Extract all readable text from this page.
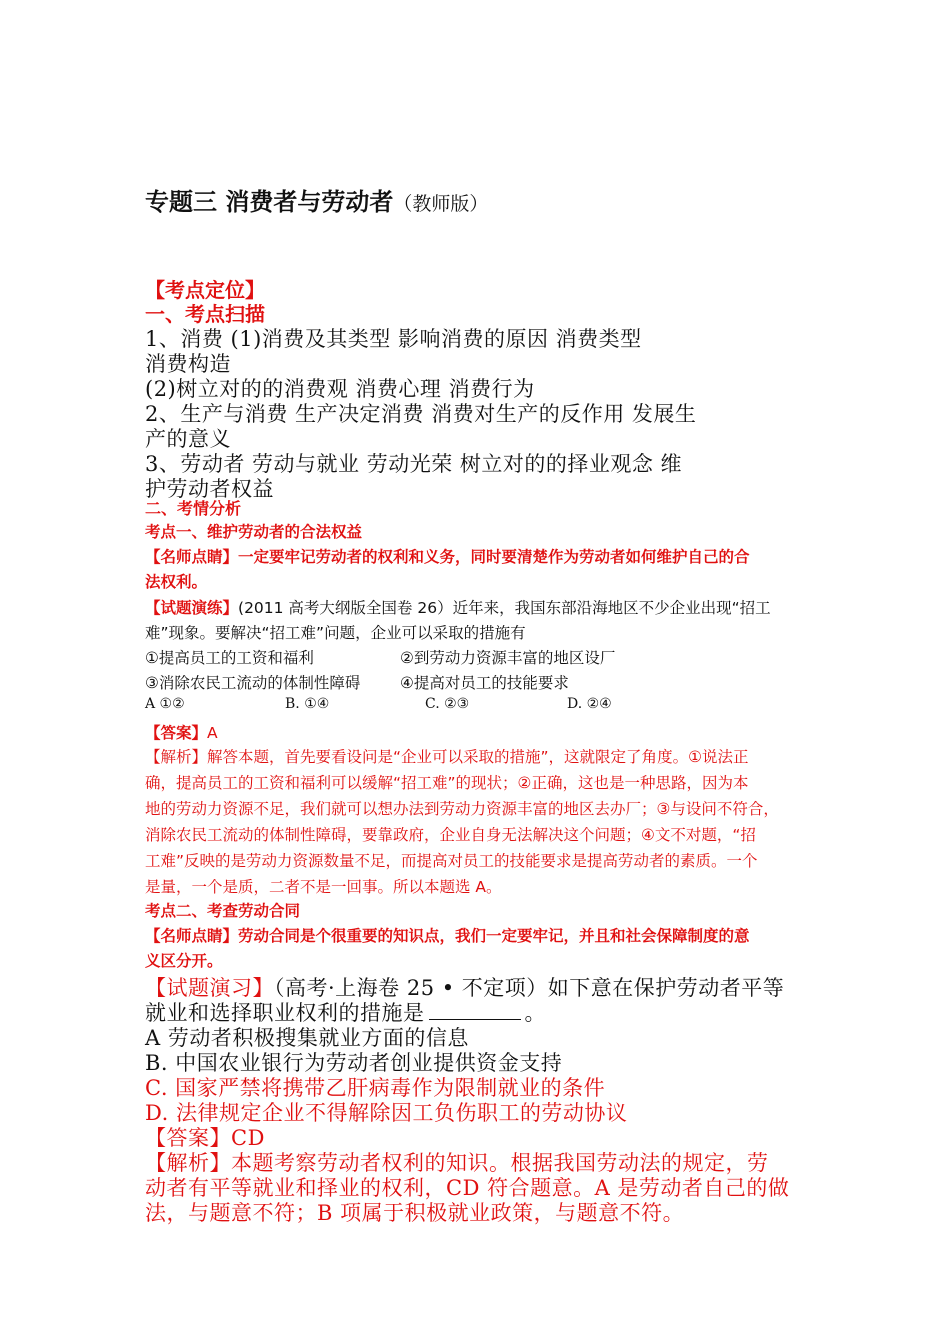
专题三 消费者与劳动者（教师版）
【考点定位】
一、考点扫描
1、消费 (1)消费及其类型 影响消费的原因 消费类型
消费构造
(2)树立对的的消费观 消费心理 消费行为
2、生产与消费 生产决定消费 消费对生产的反作用 发展生
产的意义
3、劳动者 劳动与就业 劳动光荣 树立对的的择业观念 维
护劳动者权益
二、考情分析
考点一、维护劳动者的合法权益
【名师点睛】一定要牢记劳动者的权利和义务，同时要清楚作为劳动者如何维护自己的合
法权利。
【试题演练】(2011 高考大纲版全国卷 26）近年来，我国东部沿海地区不少企业出现“招工
难”现象。要解决“招工难”问题，企业可以采取的措施有
①提高员工的工资和福利	②到劳动力资源丰富的地区设厂
③消除农民工流动的体制性障碍	④提高对员工的技能要求
A ①②	B. ①④	C. ②③	D. ②④
【答案】A
【解析】解答本题，首先要看设问是“企业可以采取的措施”，这就限定了角度。①说法正
确，提高员工的工资和福利可以缓解“招工难”的现状；②正确，这也是一种思路，因为本
地的劳动力资源不足，我们就可以想办法到劳动力资源丰富的地区去办厂；③与设问不符合，
消除农民工流动的体制性障碍，要靠政府，企业自身无法解决这个问题；④文不对题，“招
工难”反映的是劳动力资源数量不足，而提高对员工的技能要求是提高劳动者的素质。一个
是量，一个是质，二者不是一回事。所以本题选 A。
考点二、考查劳动合同
【名师点睛】劳动合同是个很重要的知识点，我们一定要牢记，并且和社会保障制度的意
义区分开。
【试题演习】（高考·上海卷 25 • 不定项）如下意在保护劳动者平等
就业和选择职业权利的措施是	。
A 劳动者积极搜集就业方面的信息
B. 中国农业银行为劳动者创业提供资金支持
C. 国家严禁将携带乙肝病毒作为限制就业的条件
D. 法律规定企业不得解除因工负伤职工的劳动协议
【答案】CD
【解析】本题考察劳动者权利的知识。根据我国劳动法的规定，劳
动者有平等就业和择业的权利，CD 符合题意。A 是劳动者自己的做
法，与题意不符；B 项属于积极就业政策，与题意不符。
